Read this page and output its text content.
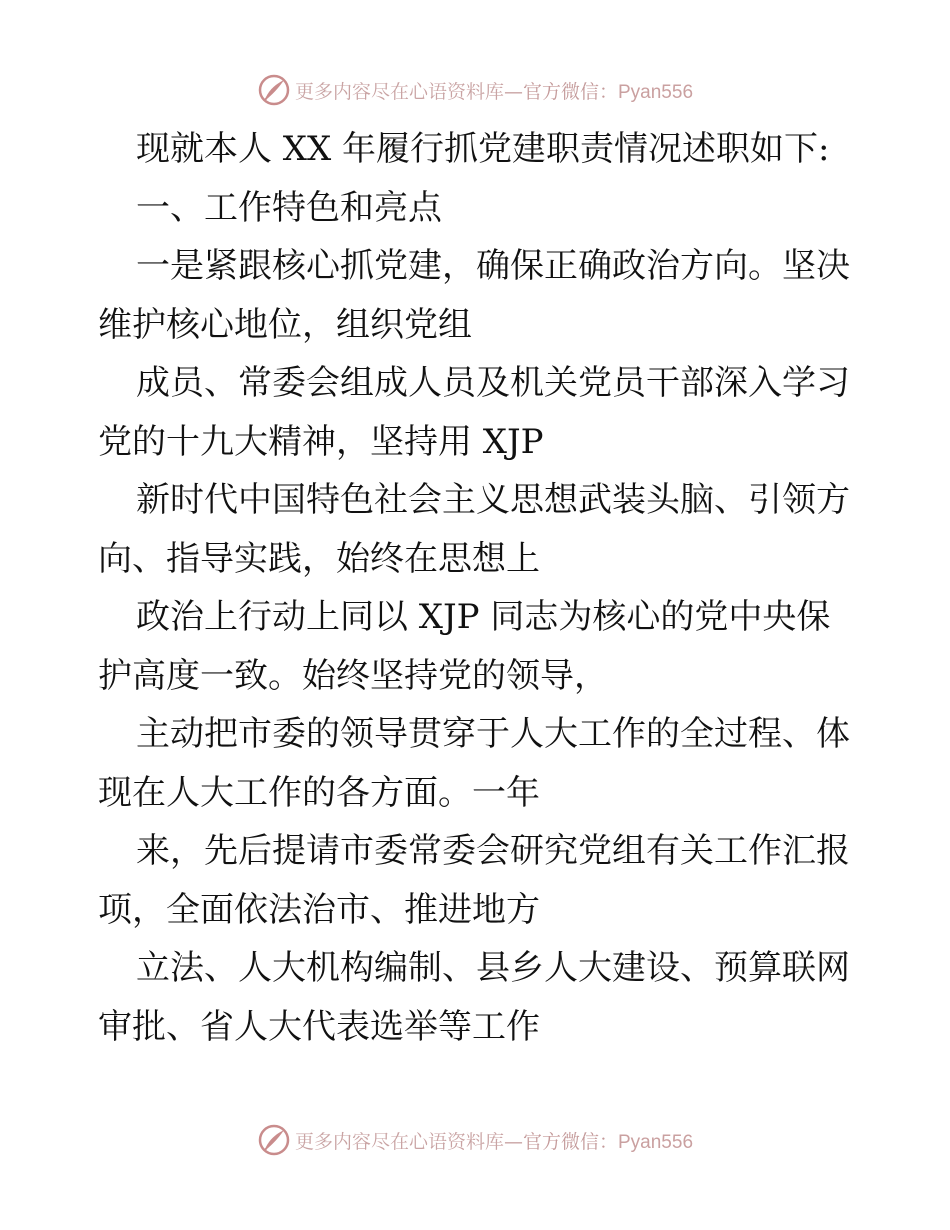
更多内容尽在心语资料库—官方微信：Pyan556
现就本人 XX 年履行抓党建职责情况述职如下:
一、工作特色和亮点
一是紧跟核心抓党建，确保正确政治方向。坚决
维护核心地位，组织党组
成员、常委会组成人员及机关党员干部深入学习
党的十九大精神，坚持用 XJP
新时代中国特色社会主义思想武装头脑、引领方
向、指导实践，始终在思想上
政治上行动上同以 XJP 同志为核心的党中央保
护高度一致。始终坚持党的领导，
主动把市委的领导贯穿于人大工作的全过程、体
现在人大工作的各方面。一年
来，先后提请市委常委会研究党组有关工作汇报
项，全面依法治市、推进地方
立法、人大机构编制、县乡人大建设、预算联网
审批、省人大代表选举等工作
更多内容尽在心语资料库—官方微信：Pyan556
